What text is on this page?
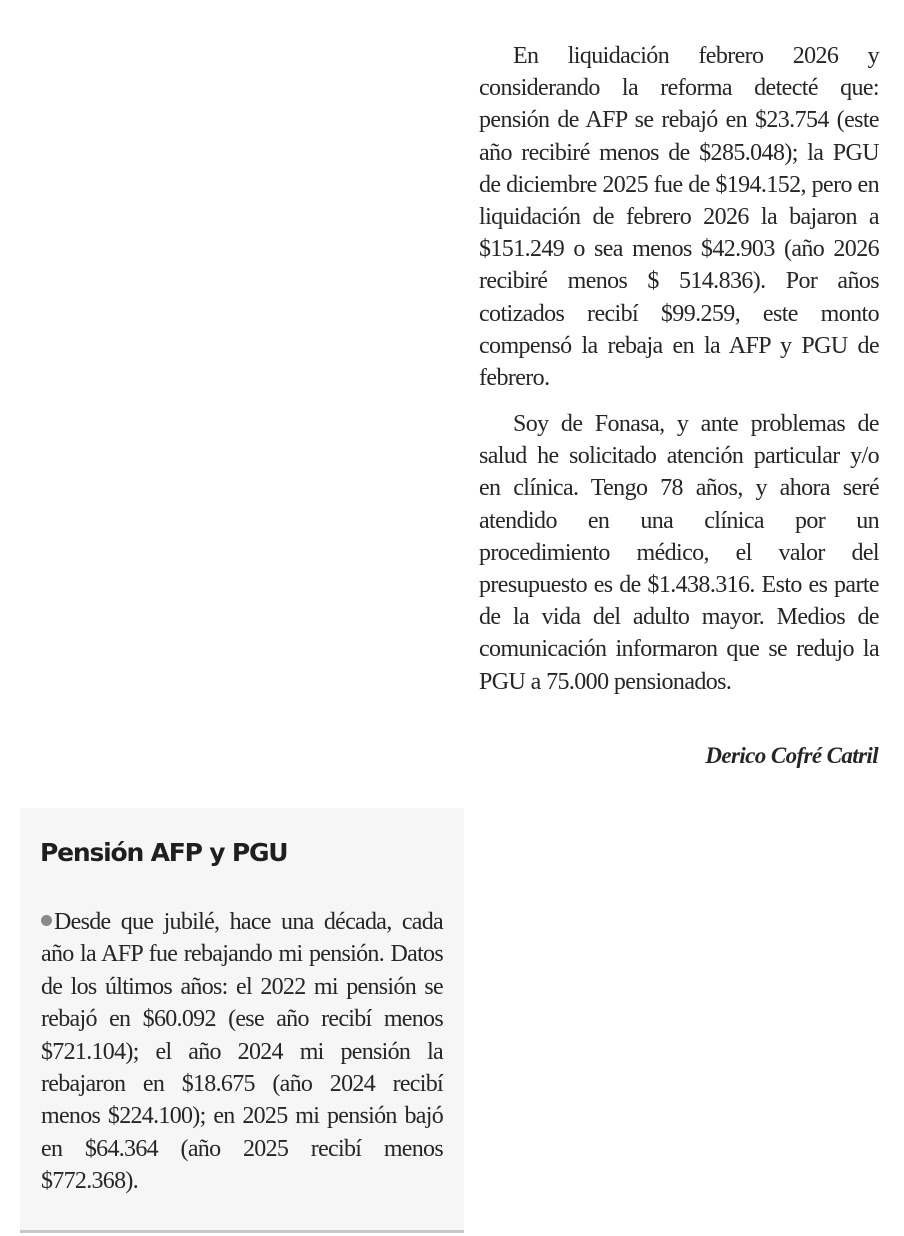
En liquidación febrero 2026 y considerando la reforma detecté que: pensión de AFP se rebajó en $23.754 (este año recibiré menos de $285.048); la PGU de diciembre 2025 fue de $194.152, pero en liquidación de febrero 2026 la bajaron a $151.249 o sea menos $42.903 (año 2026 recibiré menos $ 514.836). Por años cotizados recibí $99.259, este monto compensó la rebaja en la AFP y PGU de febrero.

Soy de Fonasa, y ante problemas de salud he solicitado atención particular y/o en clínica. Tengo 78 años, y ahora seré atendido en una clínica por un procedimiento médico, el valor del presupuesto es de $1.438.316. Esto es parte de la vida del adulto mayor. Medios de comunicación informaron que se redujo la PGU a 75.000 pensionados.

Derico Cofré Catril
Pensión AFP y PGU
Desde que jubilé, hace una década, cada año la AFP fue rebajando mi pensión. Datos de los últimos años: el 2022 mi pensión se rebajó en $60.092 (ese año recibí menos $721.104); el año 2024 mi pensión la rebajaron en $18.675 (año 2024 recibí menos $224.100); en 2025 mi pensión bajó en $64.364 (año 2025 recibí menos $772.368).
